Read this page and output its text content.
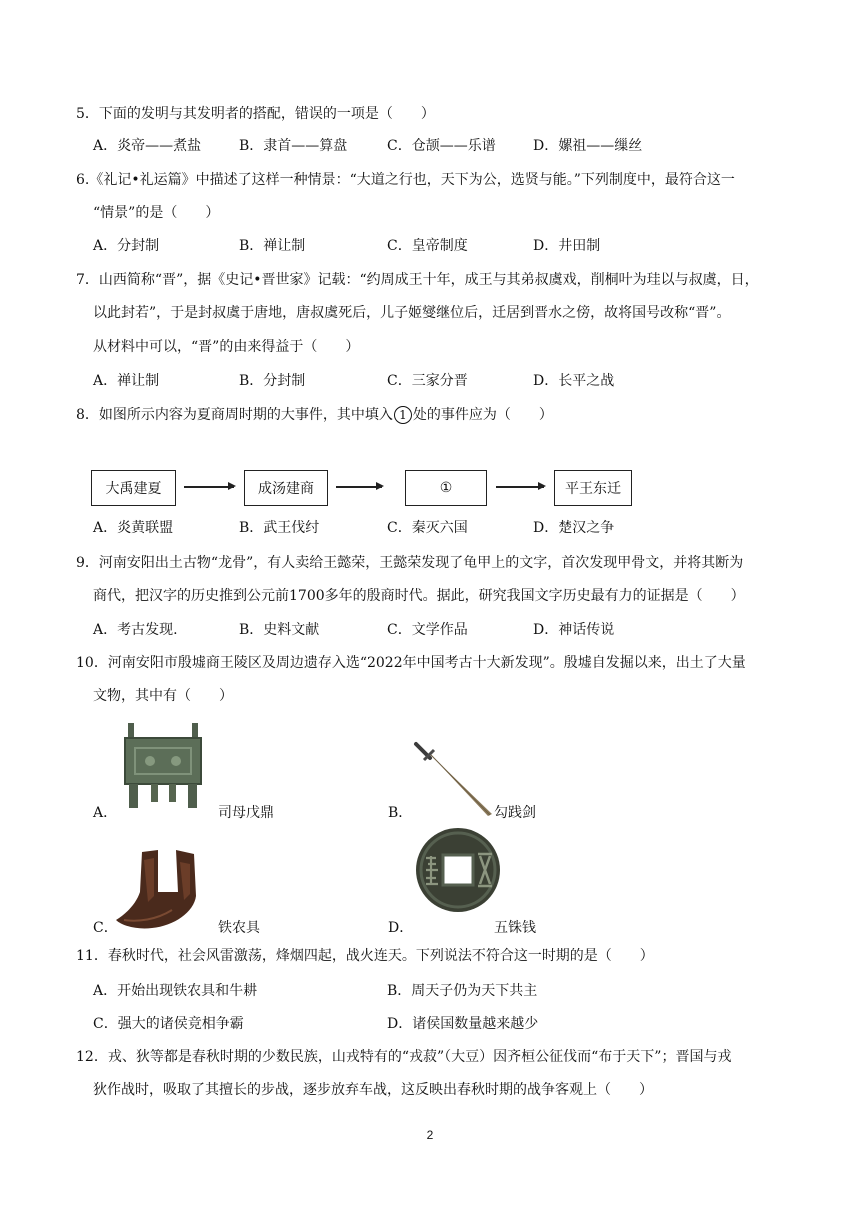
5．下面的发明与其发明者的搭配，错误的一项是（　　）
A．炎帝——煮盐	B．隶首——算盘	C．仓颉——乐谱	D．嫘祖——缫丝
6.《礼记•礼运篇》中描述了这样一种情景：“大道之行也，天下为公，选贤与能。”下列制度中，最符合这一
“情景”的是（　　）
A．分封制	B．禅让制	C．皇帝制度	D．井田制
7．山西简称“晋”，据《史记•晋世家》记载：“约周成王十年，成王与其弟叔虞戏，削桐叶为珪以与叔虞，日，
以此封若”，于是封叔虞于唐地，唐叔虞死后，儿子姬燮继位后，迁居到晋水之傍，故将国号改称“晋”。
从材料中可以，“晋”的由来得益于（　　）
A．禅让制	B．分封制	C．三家分晋	D．长平之战
8．如图所示内容为夏商周时期的大事件，其中填入 1 处的事件应为（　　）
大禹建夏	成汤建商	①	平王东迁
A．炎黄联盟	B．武王伐纣	C．秦灭六国	D．楚汉之争
9．河南安阳出土古物“龙骨”，有人卖给王懿荣，王懿荣发现了龟甲上的文字，首次发现甲骨文，并将其断为
商代，把汉字的历史推到公元前1700多年的殷商时代。据此，研究我国文字历史最有力的证据是（　　）
A．考古发现.	B．史料文献	C．文学作品	D．神话传说
10．河南安阳市殷墟商王陵区及周边遗存入选“2022年中国考古十大新发现”。殷墟自发掘以来，出土了大量
文物，其中有（　　）
A．	司母戊鼎	B．	勾践剑
C．	铁农具	D．	五铢钱
11．春秋时代，社会风雷激荡，烽烟四起，战火连天。下列说法不符合这一时期的是（　　）
A．开始出现铁农具和牛耕	B．周天子仍为天下共主
C．强大的诸侯竞相争霸	D．诸侯国数量越来越少
12．戎、狄等都是春秋时期的少数民族，山戎特有的“戎菽”（大豆）因齐桓公征伐而“布于天下”；晋国与戎
狄作战时，吸取了其擅长的步战，逐步放弃车战，这反映出春秋时期的战争客观上（　　）
2
